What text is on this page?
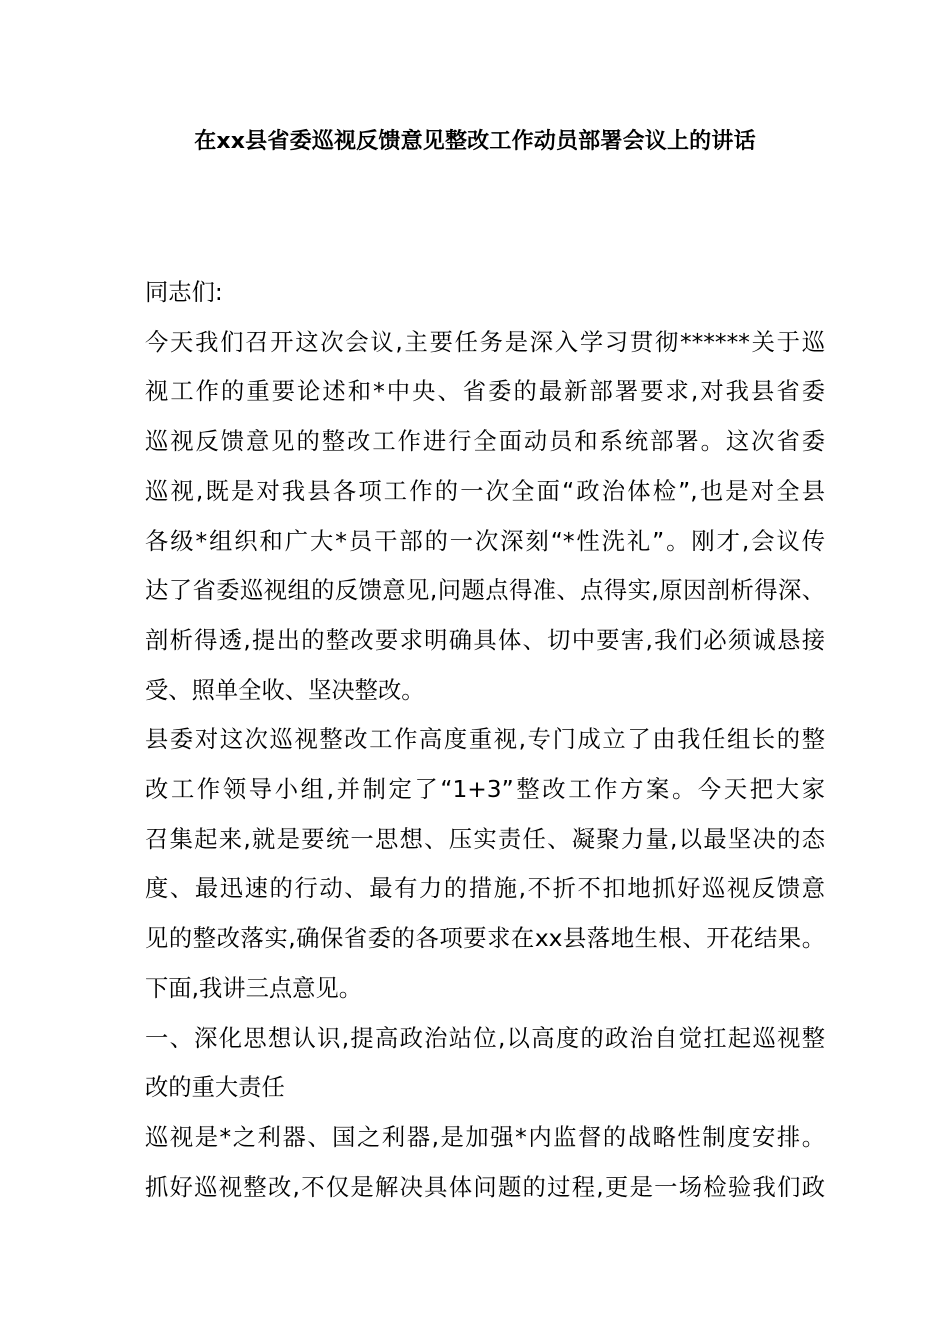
在xx县省委巡视反馈意见整改工作动员部署会议上的讲话

同志们:

今天我们召开这次会议,主要任务是深入学习贯彻******关于巡
视工作的重要论述和*中央、省委的最新部署要求,对我县省委
巡视反馈意见的整改工作进行全面动员和系统部署。这次省委
巡视,既是对我县各项工作的一次全面“政治体检”,也是对全县
各级*组织和广大*员干部的一次深刻“*性洗礼”。刚才,会议传
达了省委巡视组的反馈意见,问题点得准、点得实,原因剖析得深、
剖析得透,提出的整改要求明确具体、切中要害,我们必须诚恳接
受、照单全收、坚决整改。

县委对这次巡视整改工作高度重视,专门成立了由我任组长的整
改工作领导小组,并制定了“1+3”整改工作方案。今天把大家
召集起来,就是要统一思想、压实责任、凝聚力量,以最坚决的态
度、最迅速的行动、最有力的措施,不折不扣地抓好巡视反馈意
见的整改落实,确保省委的各项要求在xx县落地生根、开花结果。
下面,我讲三点意见。

一、深化思想认识,提高政治站位,以高度的政治自觉扛起巡视整
改的重大责任

巡视是*之利器、国之利器,是加强*内监督的战略性制度安排。
抓好巡视整改,不仅是解决具体问题的过程,更是一场检验我们政
